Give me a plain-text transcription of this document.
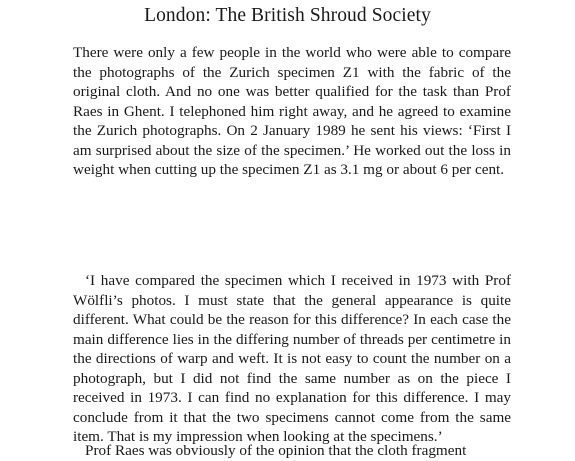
London: The British Shroud Society

There were only a few people in the world who were able to compare the photographs of the Zurich specimen Z1 with the fabric of the original cloth. And no one was better qualified for the task than Prof Raes in Ghent. I telephoned him right away, and he agreed to examine the Zurich photographs. On 2 January 1989 he sent his views: ‘First I am surprised about the size of the specimen.’ He worked out the loss in weight when cutting up the specimen Z1 as 3.1 mg or about 6 per cent.

‘I have compared the specimen which I received in 1973 with Prof Wölfli’s photos. I must state that the general appearance is quite different. What could be the reason for this difference? In each case the main difference lies in the differing number of threads per centimetre in the directions of warp and weft. It is not easy to count the number on a photograph, but I did not find the same number as on the piece I received in 1973. I can find no explanation for this difference. I may conclude from it that the two specimens cannot come from the same item. That is my impression when looking at the specimens.’

Prof Raes was obviously of the opinion that the cloth fragment
